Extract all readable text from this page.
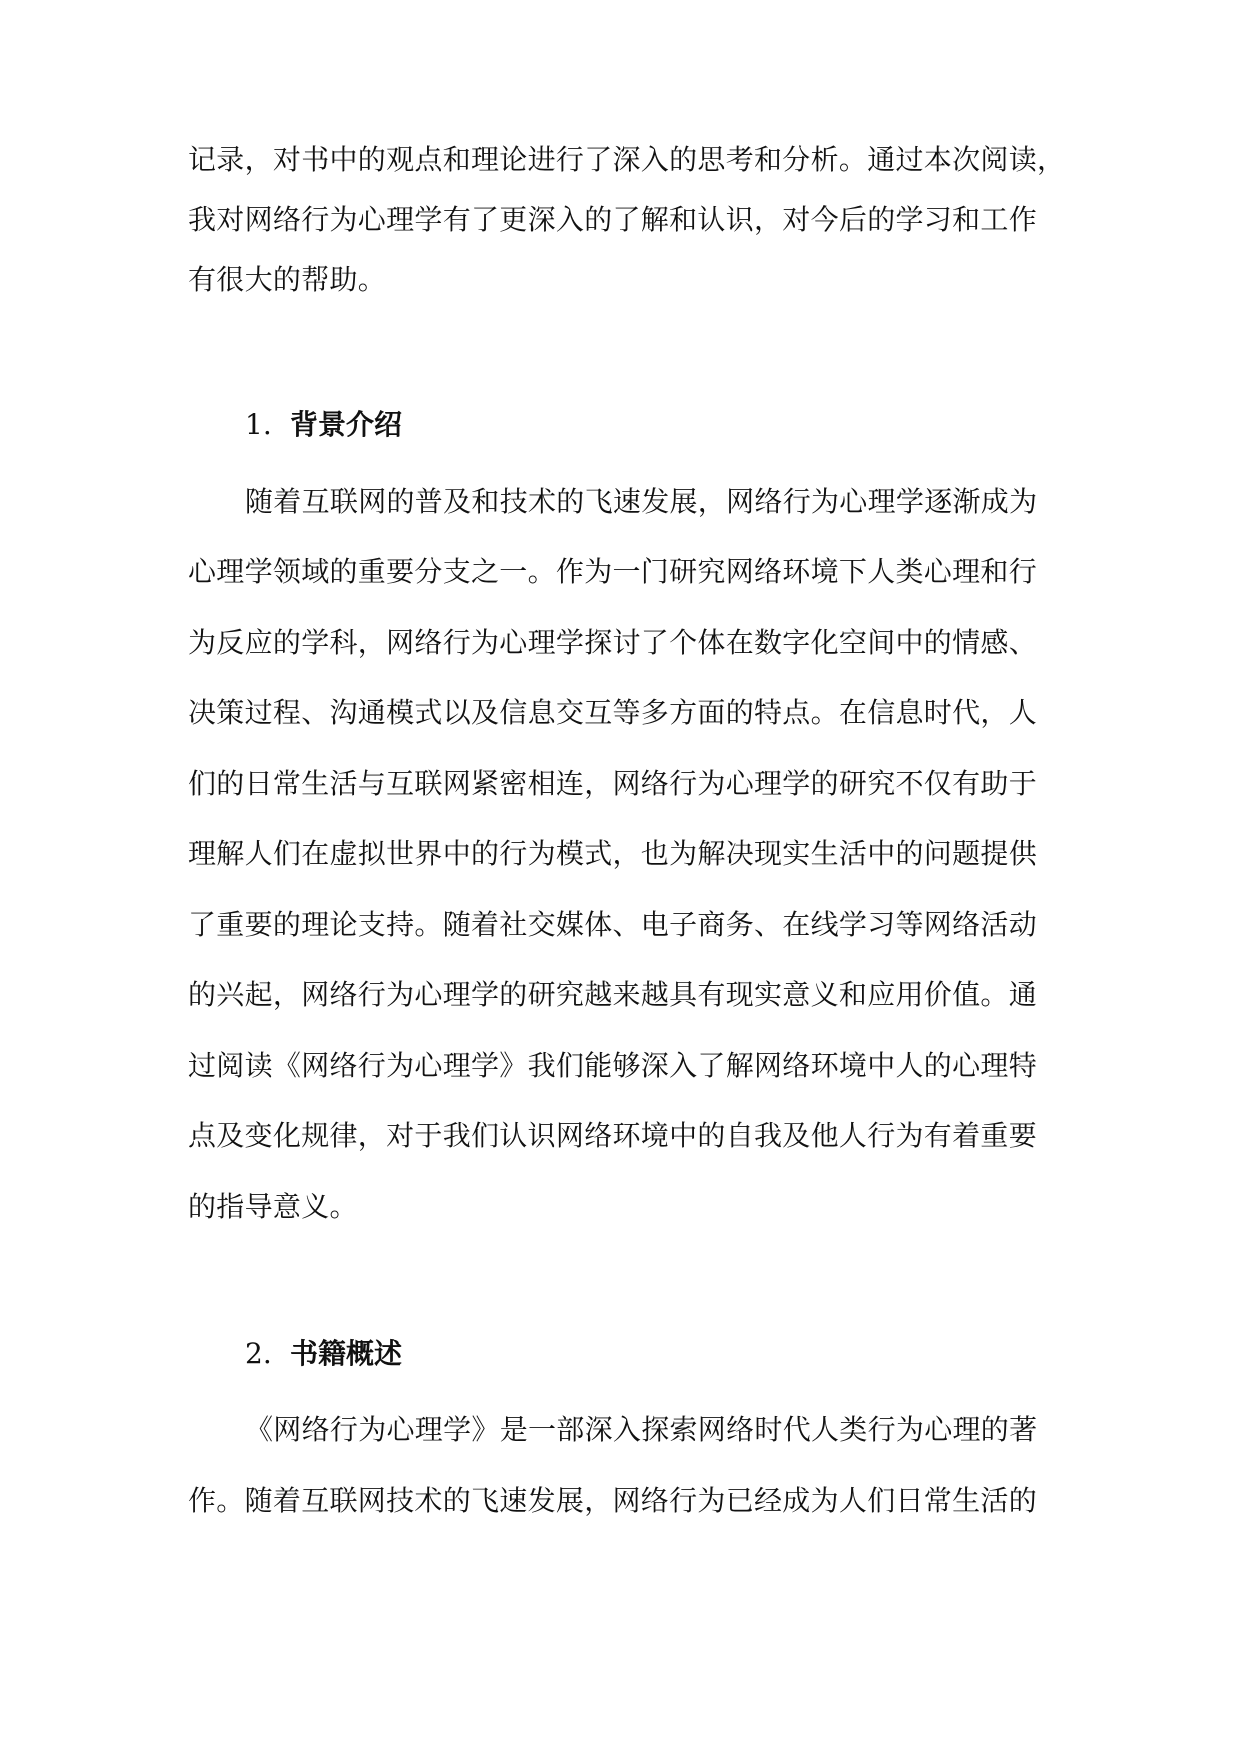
记录，对书中的观点和理论进行了深入的思考和分析。通过本次阅读，
我对网络行为心理学有了更深入的了解和认识，对今后的学习和工作
有很大的帮助。
1. 背景介绍
随着互联网的普及和技术的飞速发展，网络行为心理学逐渐成为
心理学领域的重要分支之一。作为一门研究网络环境下人类心理和行
为反应的学科，网络行为心理学探讨了个体在数字化空间中的情感、
决策过程、沟通模式以及信息交互等多方面的特点。在信息时代，人
们的日常生活与互联网紧密相连，网络行为心理学的研究不仅有助于
理解人们在虚拟世界中的行为模式，也为解决现实生活中的问题提供
了重要的理论支持。随着社交媒体、电子商务、在线学习等网络活动
的兴起，网络行为心理学的研究越来越具有现实意义和应用价值。通
过阅读《网络行为心理学》我们能够深入了解网络环境中人的心理特
点及变化规律，对于我们认识网络环境中的自我及他人行为有着重要
的指导意义。
2. 书籍概述
《网络行为心理学》是一部深入探索网络时代人类行为心理的著
作。随着互联网技术的飞速发展，网络行为已经成为人们日常生活的
